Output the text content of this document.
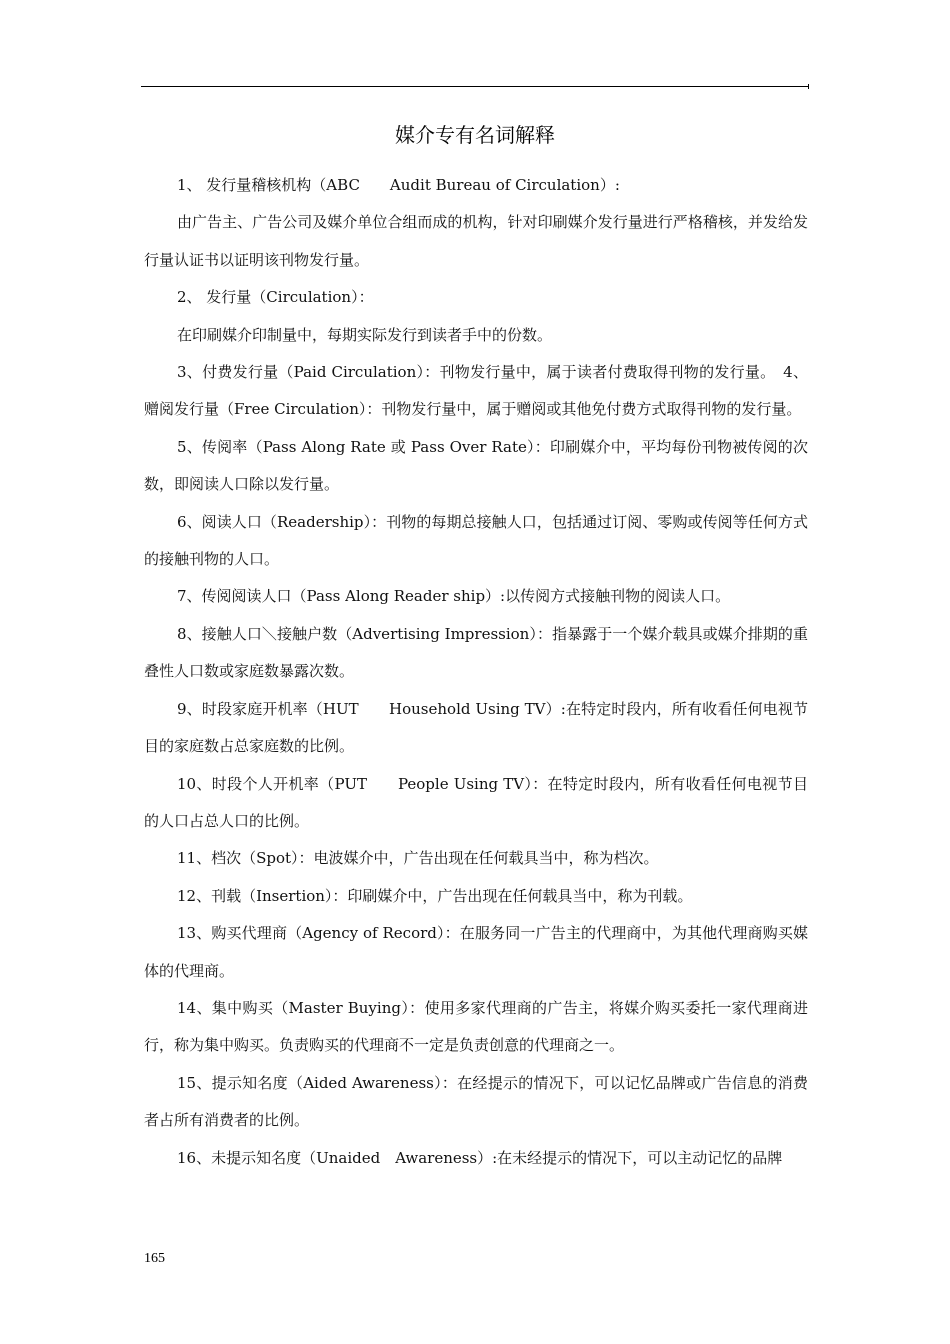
媒介专有名词解释

1、 发行量稽核机构（ABC　　Audit Bureau of Circulation）:

由广告主、广告公司及媒介单位合组而成的机构，针对印刷媒介发行量进行严格稽核，并发给发行量认证书以证明该刊物发行量。

2、 发行量（Circulation）：

在印刷媒介印制量中，每期实际发行到读者手中的份数。

3、付费发行量（Paid Circulation）：刊物发行量中，属于读者付费取得刊物的发行量。　4、赠阅发行量（Free Circulation）：刊物发行量中，属于赠阅或其他免付费方式取得刊物的发行量。

5、传阅率（Pass Along Rate 或 Pass Over Rate）：印刷媒介中，平均每份刊物被传阅的次数，即阅读人口除以发行量。

6、阅读人口（Readership）：刊物的每期总接触人口，包括通过订阅、零购或传阅等任何方式的接触刊物的人口。

7、传阅阅读人口（Pass Along Reader ship）:以传阅方式接触刊物的阅读人口。

8、接触人口＼接触户数（Advertising Impression）：指暴露于一个媒介载具或媒介排期的重叠性人口数或家庭数暴露次数。

9、时段家庭开机率（HUT　　Household Using TV）:在特定时段内，所有收看任何电视节目的家庭数占总家庭数的比例。

10、时段个人开机率（PUT　　People Using TV）：在特定时段内，所有收看任何电视节目的人口占总人口的比例。

11、档次（Spot）：电波媒介中，广告出现在任何载具当中，称为档次。

12、刊载（Insertion）：印刷媒介中，广告出现在任何载具当中，称为刊载。

13、购买代理商（Agency of Record）：在服务同一广告主的代理商中，为其他代理商购买媒体的代理商。

14、集中购买（Master Buying）：使用多家代理商的广告主，将媒介购买委托一家代理商进行，称为集中购买。负责购买的代理商不一定是负责创意的代理商之一。

15、提示知名度（Aided Awareness）：在经提示的情况下，可以记忆品牌或广告信息的消费者占所有消费者的比例。

16、未提示知名度（Unaided　Awareness）:在未经提示的情况下，可以主动记忆的品牌

165
